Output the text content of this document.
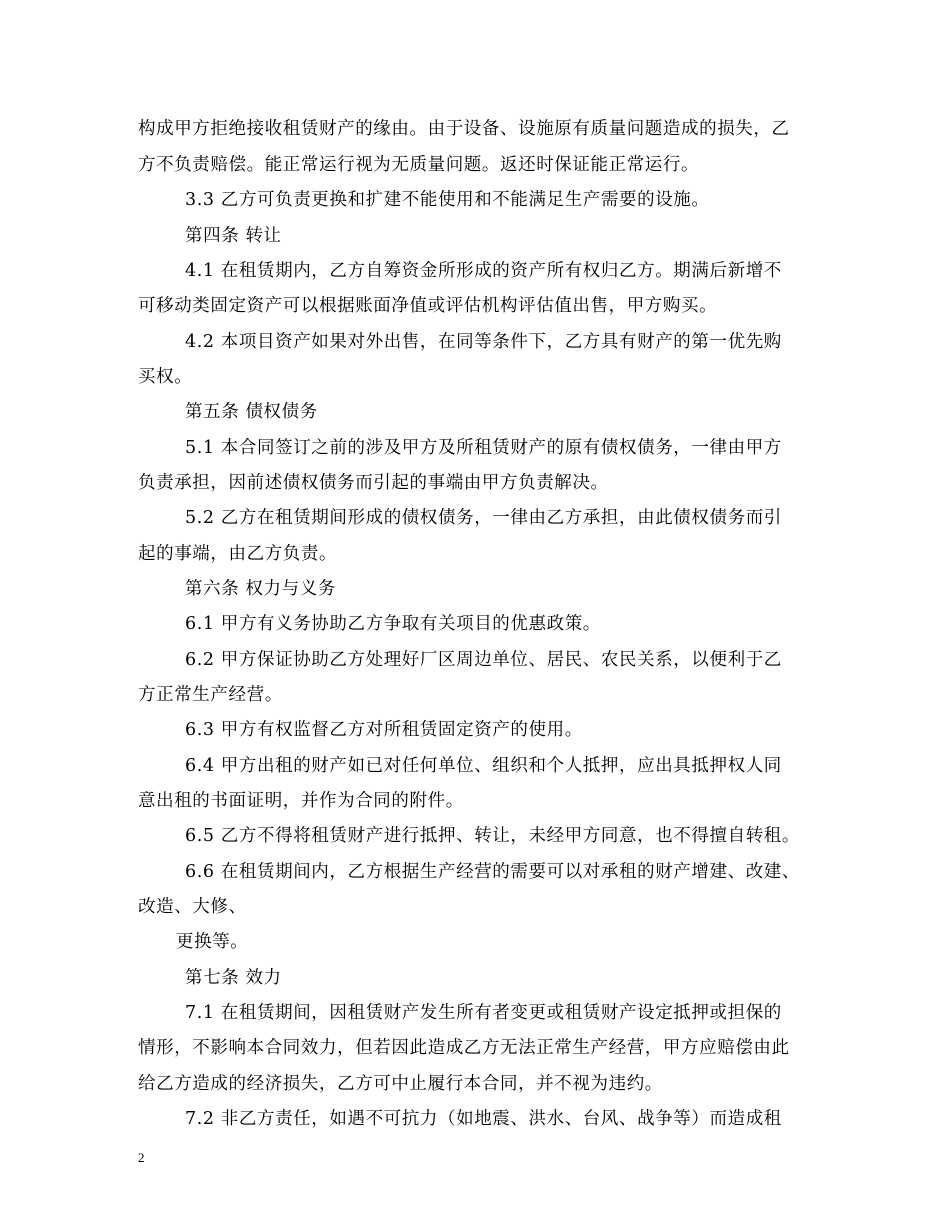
构成甲方拒绝接收租赁财产的缘由。由于设备、设施原有质量问题造成的损失，乙
方不负责赔偿。能正常运行视为无质量问题。返还时保证能正常运行。
3.3 乙方可负责更换和扩建不能使用和不能满足生产需要的设施。
第四条 转让
4.1 在租赁期内，乙方自筹资金所形成的资产所有权归乙方。期满后新增不
可移动类固定资产可以根据账面净值或评估机构评估值出售，甲方购买。
4.2 本项目资产如果对外出售，在同等条件下，乙方具有财产的第一优先购
买权。
第五条 债权债务
5.1 本合同签订之前的涉及甲方及所租赁财产的原有债权债务，一律由甲方
负责承担，因前述债权债务而引起的事端由甲方负责解决。
5.2 乙方在租赁期间形成的债权债务，一律由乙方承担，由此债权债务而引
起的事端，由乙方负责。
第六条 权力与义务
6.1 甲方有义务协助乙方争取有关项目的优惠政策。
6.2 甲方保证协助乙方处理好厂区周边单位、居民、农民关系，以便利于乙
方正常生产经营。
6.3 甲方有权监督乙方对所租赁固定资产的使用。
6.4 甲方出租的财产如已对任何单位、组织和个人抵押，应出具抵押权人同
意出租的书面证明，并作为合同的附件。
6.5 乙方不得将租赁财产进行抵押、转让，未经甲方同意，也不得擅自转租。
6.6 在租赁期间内，乙方根据生产经营的需要可以对承租的财产增建、改建、
改造、大修、
更换等。
第七条 效力
7.1 在租赁期间，因租赁财产发生所有者变更或租赁财产设定抵押或担保的
情形，不影响本合同效力，但若因此造成乙方无法正常生产经营，甲方应赔偿由此
给乙方造成的经济损失，乙方可中止履行本合同，并不视为违约。
7.2 非乙方责任，如遇不可抗力（如地震、洪水、台风、战争等）而造成租
2
